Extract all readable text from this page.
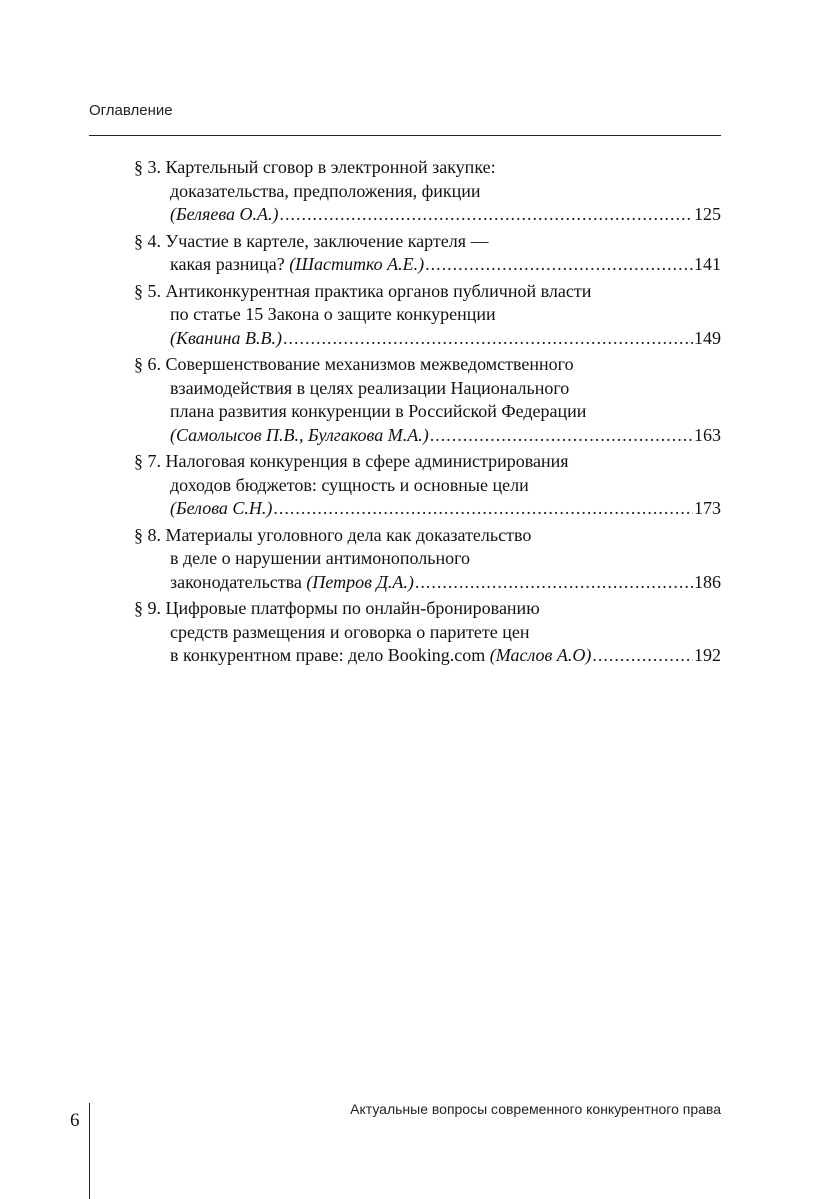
Оглавление
§ 3. Картельный сговор в электронной закупке:
доказательства, предположения, фикции
(Беляева О.А.) .....	125
§ 4. Участие в картеле, заключение картеля —
какая разница? (Шаститко А.Е.) .....	141
§ 5. Антиконкурентная практика органов публичной власти
по статье 15 Закона о защите конкуренции
(Кванина В.В.) .....	149
§ 6. Совершенствование механизмов межведомственного
взаимодействия в целях реализации Национального
плана развития конкуренции в Российской Федерации
(Самолысов П.В., Булгакова М.А.) .....	163
§ 7. Налоговая конкуренция в сфере администрирования
доходов бюджетов: сущность и основные цели
(Белова С.Н.) .....	173
§ 8. Материалы уголовного дела как доказательство
в деле о нарушении антимонопольного
законодательства (Петров Д.А.) .....	186
§ 9. Цифровые платформы по онлайн-бронированию
средств размещения и оговорка о паритете цен
в конкурентном праве: дело Booking.com (Маслов А.О) .....	192
6
Актуальные вопросы современного конкурентного права
